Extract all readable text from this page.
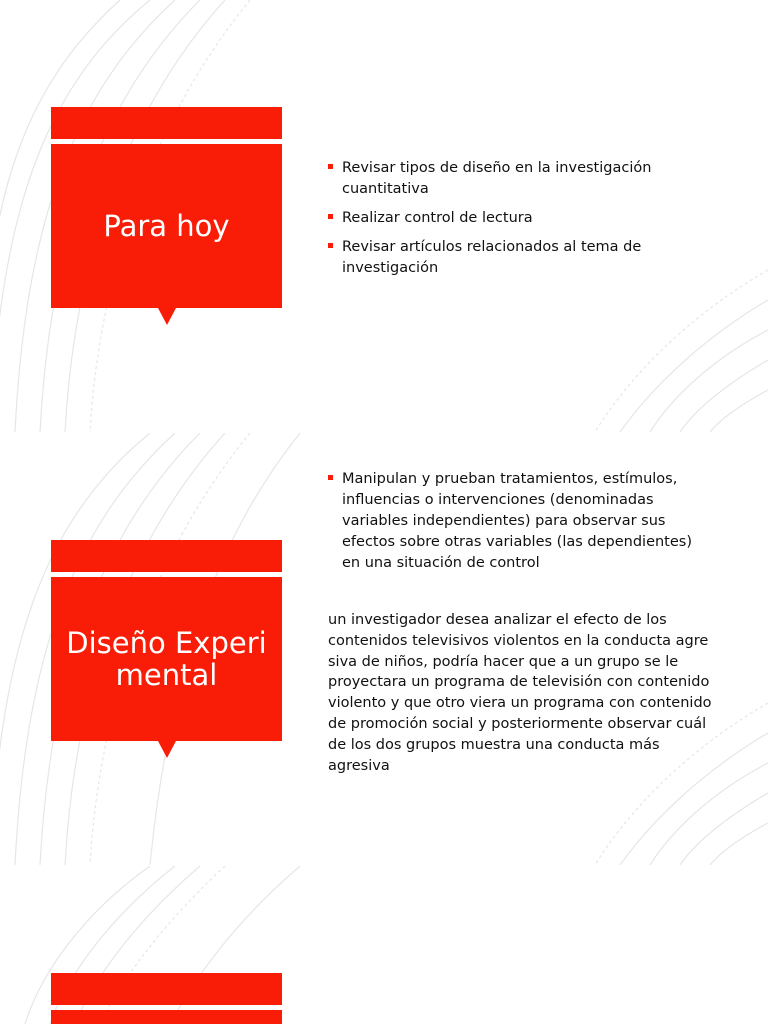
Para hoy
Revisar tipos de diseño en la investigación cuantitativa
Realizar control de lectura
Revisar artículos relacionados al tema de investigación
Diseño Experimental
Manipulan y prueban tratamientos, estímulos, influencias o intervenciones (denominadas variables independientes) para observar sus efectos sobre otras variables (las dependientes) en una situación de control

un investigador desea analizar el efecto de los contenidos televisivos violentos en la conducta agre siva de niños, podría hacer que a un grupo se le proyectara un programa de televisión con contenido violento y que otro viera un programa con contenido de promoción social y posteriormente observar cuál de los dos grupos muestra una conducta más agresiva
